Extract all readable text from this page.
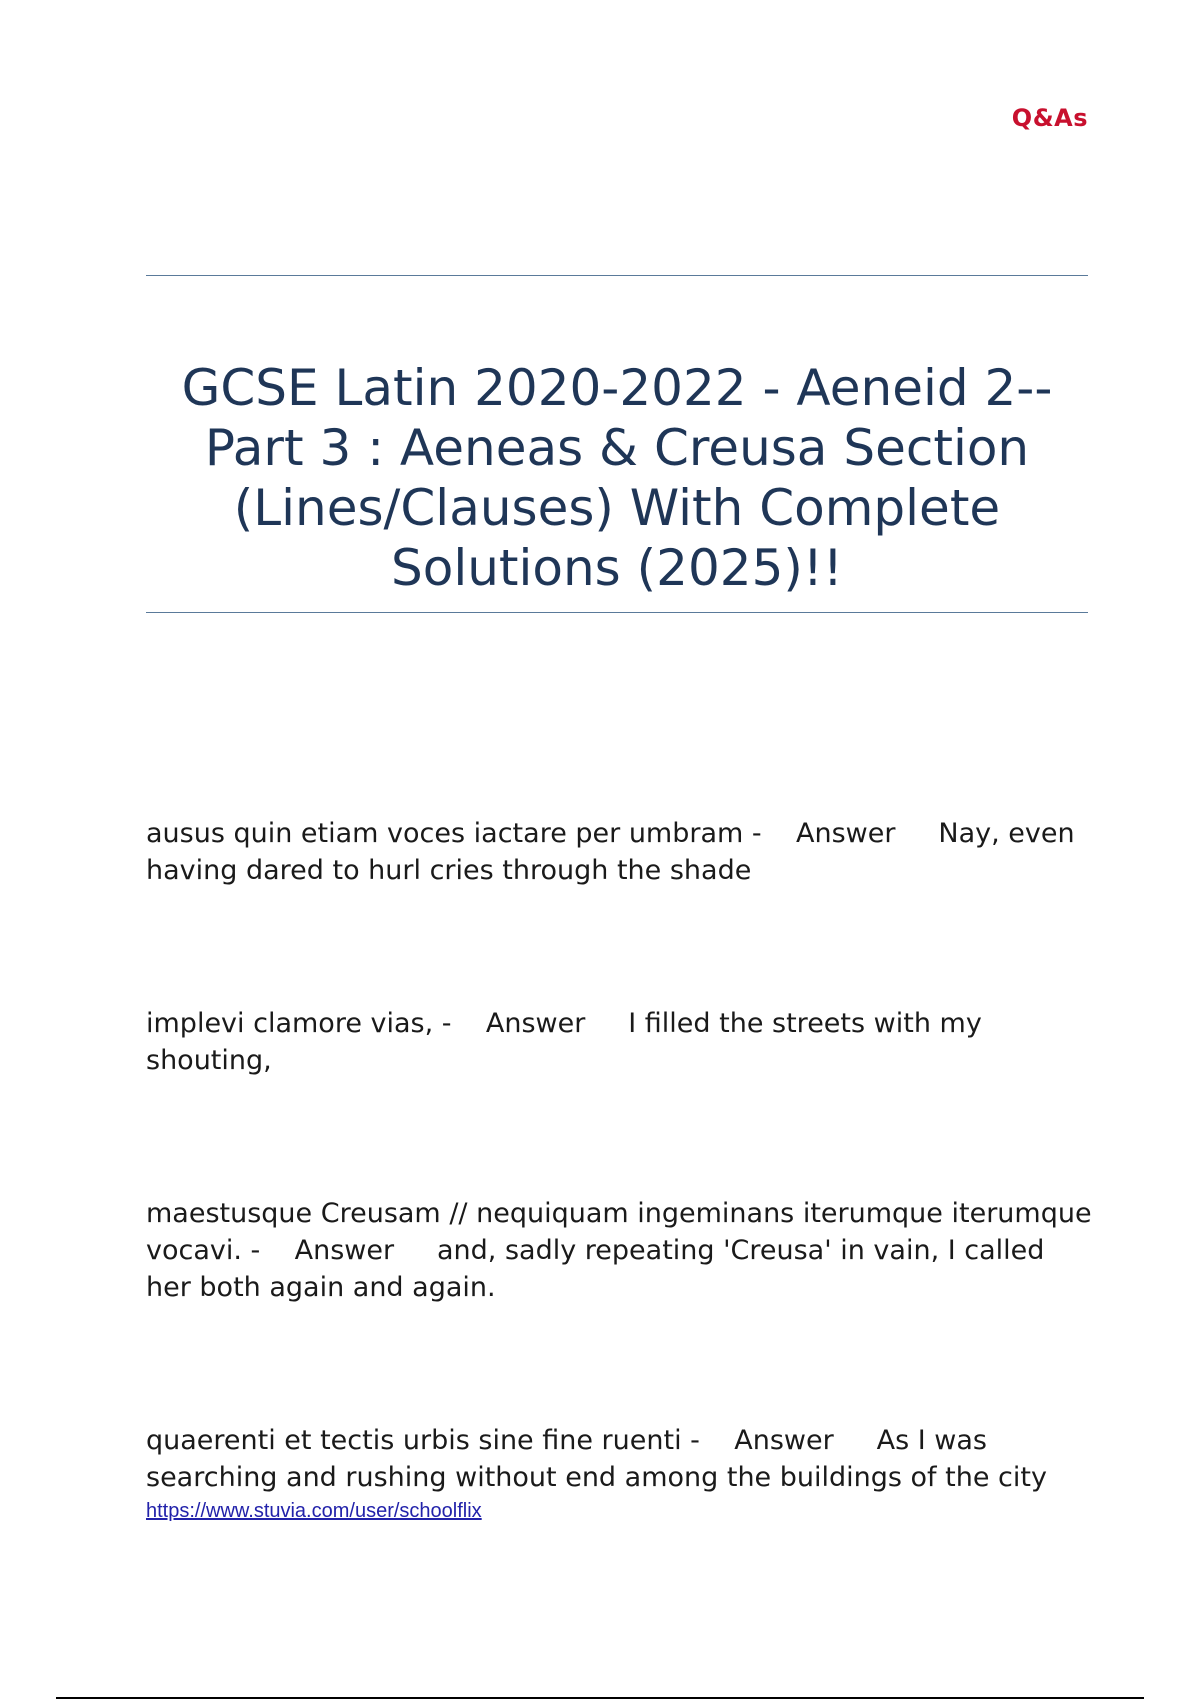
Q&As
GCSE Latin 2020-2022 - Aeneid 2-- Part 3 : Aeneas & Creusa Section (Lines/Clauses) With Complete Solutions (2025)!!

ausus quin etiam voces iactare per umbram - Answer Nay, even having dared to hurl cries through the shade

implevi clamore vias, - Answer I filled the streets with my shouting,

maestusque Creusam // nequiquam ingeminans iterumque iterumque vocavi. - Answer and, sadly repeating 'Creusa' in vain, I called her both again and again.

quaerenti et tectis urbis sine fine ruenti - Answer As I was searching and rushing without end among the buildings of the city

https://www.stuvia.com/user/schoolflix
